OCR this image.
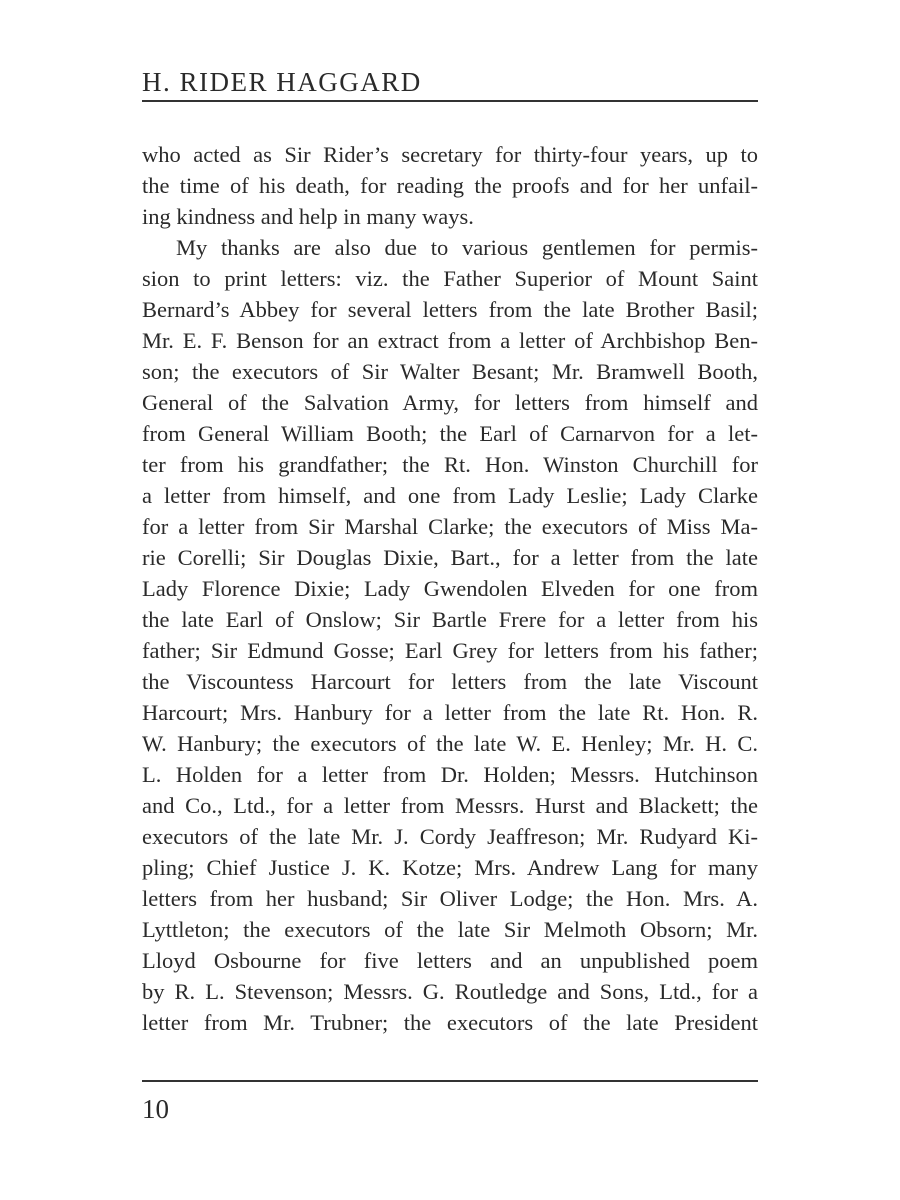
H. RIDER HAGGARD
who acted as Sir Rider’s secretary for thirty-four years, up to
the time of his death, for reading the proofs and for her unfail-
ing kindness and help in many ways.
My thanks are also due to various gentlemen for permis-
sion to print letters: viz. the Father Superior of Mount Saint
Bernard’s Abbey for several letters from the late Brother Basil;
Mr. E. F. Benson for an extract from a letter of Archbishop Ben-
son; the executors of Sir Walter Besant; Mr. Bramwell Booth,
General of the Salvation Army, for letters from himself and
from General William Booth; the Earl of Carnarvon for a let-
ter from his grandfather; the Rt. Hon. Winston Churchill for
a letter from himself, and one from Lady Leslie; Lady Clarke
for a letter from Sir Marshal Clarke; the executors of Miss Ma-
rie Corelli; Sir Douglas Dixie, Bart., for a letter from the late
Lady Florence Dixie; Lady Gwendolen Elveden for one from
the late Earl of Onslow; Sir Bartle Frere for a letter from his
father; Sir Edmund Gosse; Earl Grey for letters from his father;
the Viscountess Harcourt for letters from the late Viscount
Harcourt; Mrs. Hanbury for a letter from the late Rt. Hon. R.
W. Hanbury; the executors of the late W. E. Henley; Mr. H. C.
L. Holden for a letter from Dr. Holden; Messrs. Hutchinson
and Co., Ltd., for a letter from Messrs. Hurst and Blackett; the
executors of the late Mr. J. Cordy Jeaffreson; Mr. Rudyard Ki-
pling; Chief Justice J. K. Kotze; Mrs. Andrew Lang for many
letters from her husband; Sir Oliver Lodge; the Hon. Mrs. A.
Lyttleton; the executors of the late Sir Melmoth Obsorn; Mr.
Lloyd Osbourne for five letters and an unpublished poem
by R. L. Stevenson; Messrs. G. Routledge and Sons, Ltd., for a
letter from Mr. Trubner; the executors of the late President
10
